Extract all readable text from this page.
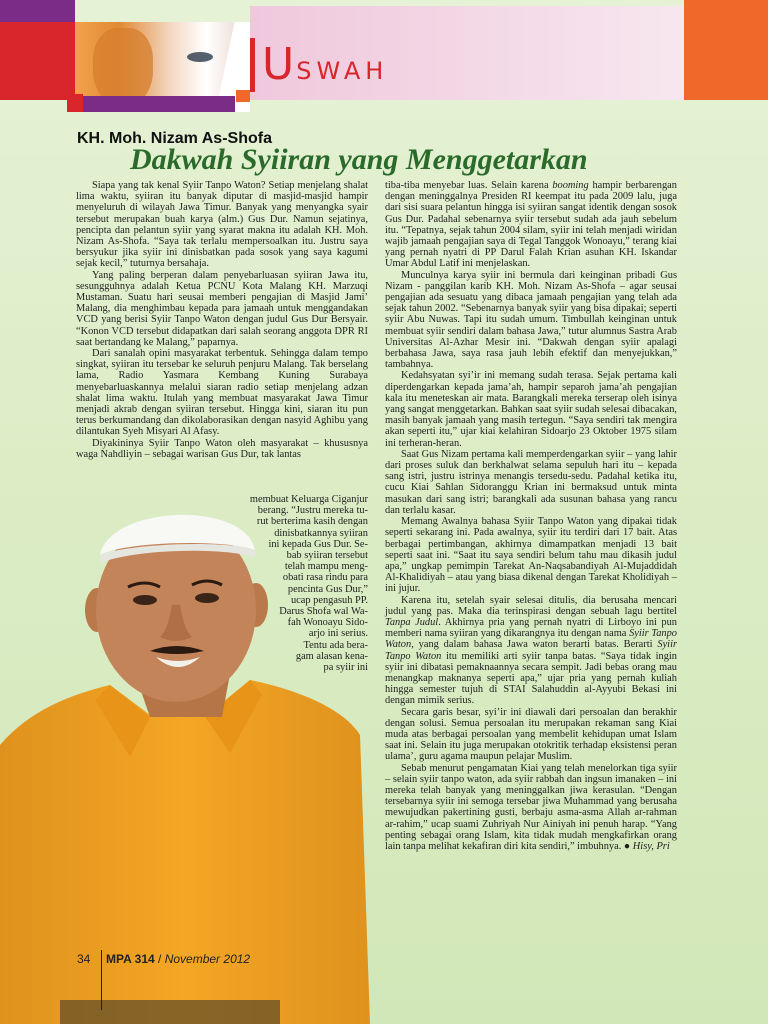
USWAH
KH. Moh. Nizam As-Shofa
Dakwah Syiiran yang Menggetarkan

Siapa yang tak kenal Syiir Tanpo Waton? Setiap menjelang shalat lima waktu, syiiran itu banyak diputar di masjid-masjid hampir menyeluruh di wilayah Jawa Timur. Banyak yang menyangka syair tersebut merupakan buah karya (alm.) Gus Dur. Namun sejatinya, pencipta dan pelantun syiir yang syarat makna itu adalah KH. Moh. Nizam As-Shofa. “Saya tak terlalu mempersoalkan itu. Justru saya bersyukur jika syiir ini dinisbatkan pada sosok yang saya kagumi sejak kecil,” tuturnya bersahaja.

Yang paling berperan dalam penyebarluasan syiiran Jawa itu, sesungguhnya adalah Ketua PCNU Kota Malang KH. Marzuqi Mustaman. Suatu hari seusai memberi pengajian di Masjid Jami’ Malang, dia menghimbau kepada para jamaah untuk menggandakan VCD yang berisi Syiir Tanpo Waton dengan judul Gus Dur Bersyair. “Konon VCD tersebut didapatkan dari salah seorang anggota DPR RI saat bertandang ke Malang,” paparnya.

Dari sanalah opini masyarakat terbentuk. Sehingga dalam tempo singkat, syiiran itu tersebar ke seluruh penjuru Malang. Tak berselang lama, Radio Yasmara Kembang Kuning Surabaya menyebarluaskannya melalui siaran radio setiap menjelang adzan shalat lima waktu. Itulah yang membuat masyarakat Jawa Timur menjadi akrab dengan syiiran tersebut. Hingga kini, siaran itu pun terus berkumandang dan dikolaborasikan dengan nasyid Aghibu yang dilantukan Syeh Misyari Al Afasy.

Diyakininya Syiir Tanpo Waton oleh masyarakat – khususnya waga Nahdliyin – sebagai warisan Gus Dur, tak lantas

membuat Keluarga Ciganjur
berang. “Justru mereka tu-
rut berterima kasih dengan
dinisbatkannya syiiran
ini kepada Gus Dur. Se-
bab syiiran tersebut
telah mampu meng-
obati rasa rindu para
pencinta Gus Dur,”
ucap pengasuh PP.
Darus Shofa wal Wa-
fah Wonoayu Sido-
arjo ini serius.
Tentu ada bera-
gam alasan kena-
pa syiir ini

tiba-tiba menyebar luas. Selain karena booming hampir berbarengan dengan meninggalnya Presiden RI keempat itu pada 2009 lalu, juga dari sisi suara pelantun hingga isi syiiran sangat identik dengan sosok Gus Dur. Padahal sebenarnya syiir tersebut sudah ada jauh sebelum itu. “Tepatnya, sejak tahun 2004 silam, syiir ini telah menjadi wiridan wajib jamaah pengajian saya di Tegal Tanggok Wonoayu,” terang kiai yang pernah nyatri di PP Darul Falah Krian asuhan KH. Iskandar Umar Abdul Latif ini menjelaskan.

Munculnya karya syiir ini bermula dari keinginan pribadi Gus Nizam - panggilan karib KH. Moh. Nizam As-Shofa – agar seusai pengajian ada sesuatu yang dibaca jamaah pengajian yang telah ada sejak tahun 2002. “Sebenarnya banyak syiir yang bisa dipakai; seperti syiir Abu Nuwas. Tapi itu sudah umum. Timbullah keinginan untuk membuat syiir sendiri dalam bahasa Jawa,” tutur alumnus Sastra Arab Universitas Al-Azhar Mesir ini. “Dakwah dengan syiir apalagi berbahasa Jawa, saya rasa jauh lebih efektif dan menyejukkan,” tambahnya.

Kedahsyatan syi’ir ini memang sudah terasa. Sejak pertama kali diperdengarkan kepada jama’ah, hampir separoh jama’ah pengajian kala itu meneteskan air mata. Barangkali mereka terserap oleh isinya yang sangat menggetarkan. Bahkan saat syiir sudah selesai dibacakan, masih banyak jamaah yang masih tertegun. “Saya sendiri tak mengira akan seperti itu,” ujar kiai kelahiran Sidoarjo 23 Oktober 1975 silam ini terheran-heran.

Saat Gus Nizam pertama kali memperdengarkan syiir – yang lahir dari proses suluk dan berkhalwat selama sepuluh hari itu – kepada sang istri, justru istrinya menangis tersedu-sedu. Padahal ketika itu, cucu Kiai Sahlan Sidoranggu Krian ini bermaksud untuk minta masukan dari sang istri; barangkali ada susunan bahasa yang rancu dan terlalu kasar.

Memang Awalnya bahasa Syiir Tanpo Waton yang dipakai tidak seperti sekarang ini. Pada awalnya, syiir itu terdiri dari 17 bait. Atas berbagai pertimbangan, akhirnya dimampatkan menjadi 13 bait seperti saat ini. “Saat itu saya sendiri belum tahu mau dikasih judul apa,” ungkap pemimpin Tarekat An-Naqsabandiyah Al-Mujaddidah Al-Khalidiyah – atau yang biasa dikenal dengan Tarekat Kholidiyah – ini jujur.

Karena itu, setelah syair selesai ditulis, dia berusaha mencari judul yang pas. Maka dia terinspirasi dengan sebuah lagu bertitel Tanpa Judul. Akhirnya pria yang pernah nyatri di Lirboyo ini pun memberi nama syiiran yang dikarangnya itu dengan nama Syiir Tanpo Waton, yang dalam bahasa Jawa waton berarti batas. Berarti Syiir Tanpo Waton itu memiliki arti syiir tanpa batas. “Saya tidak ingin syiir ini dibatasi pemaknaannya secara sempit. Jadi bebas orang mau menangkap maknanya seperti apa,” ujar pria yang pernah kuliah hingga semester tujuh di STAI Salahuddin al-Ayyubi Bekasi ini dengan mimik serius.

Secara garis besar, syi’ir ini diawali dari persoalan dan berakhir dengan solusi. Semua persoalan itu merupakan rekaman sang Kiai muda atas berbagai persoalan yang membelit kehidupan umat Islam saat ini. Selain itu juga merupakan otokritik terhadap eksistensi peran ulama’, guru agama maupun pelajar Muslim.

Sebab menurut pengamatan Kiai yang telah menelorkan tiga syiir – selain syiir tanpo waton, ada syiir rabbah dan ingsun imanaken – ini mereka telah banyak yang meninggalkan jiwa kerasulan. “Dengan tersebarnya syiir ini semoga tersebar jiwa Muhammad yang berusaha mewujudkan pakertining gusti, berbaju asma-asma Allah ar-rahman ar-rahim,” ucap suami Zuhriyah Nur Ainiyah ini penuh harap. “Yang penting sebagai orang Islam, kita tidak mudah mengkafirkan orang lain tanpa melihat kekafiran diri kita sendiri,” imbuhnya. ● Hisy, Pri

34 MPA 314 / November 2012
